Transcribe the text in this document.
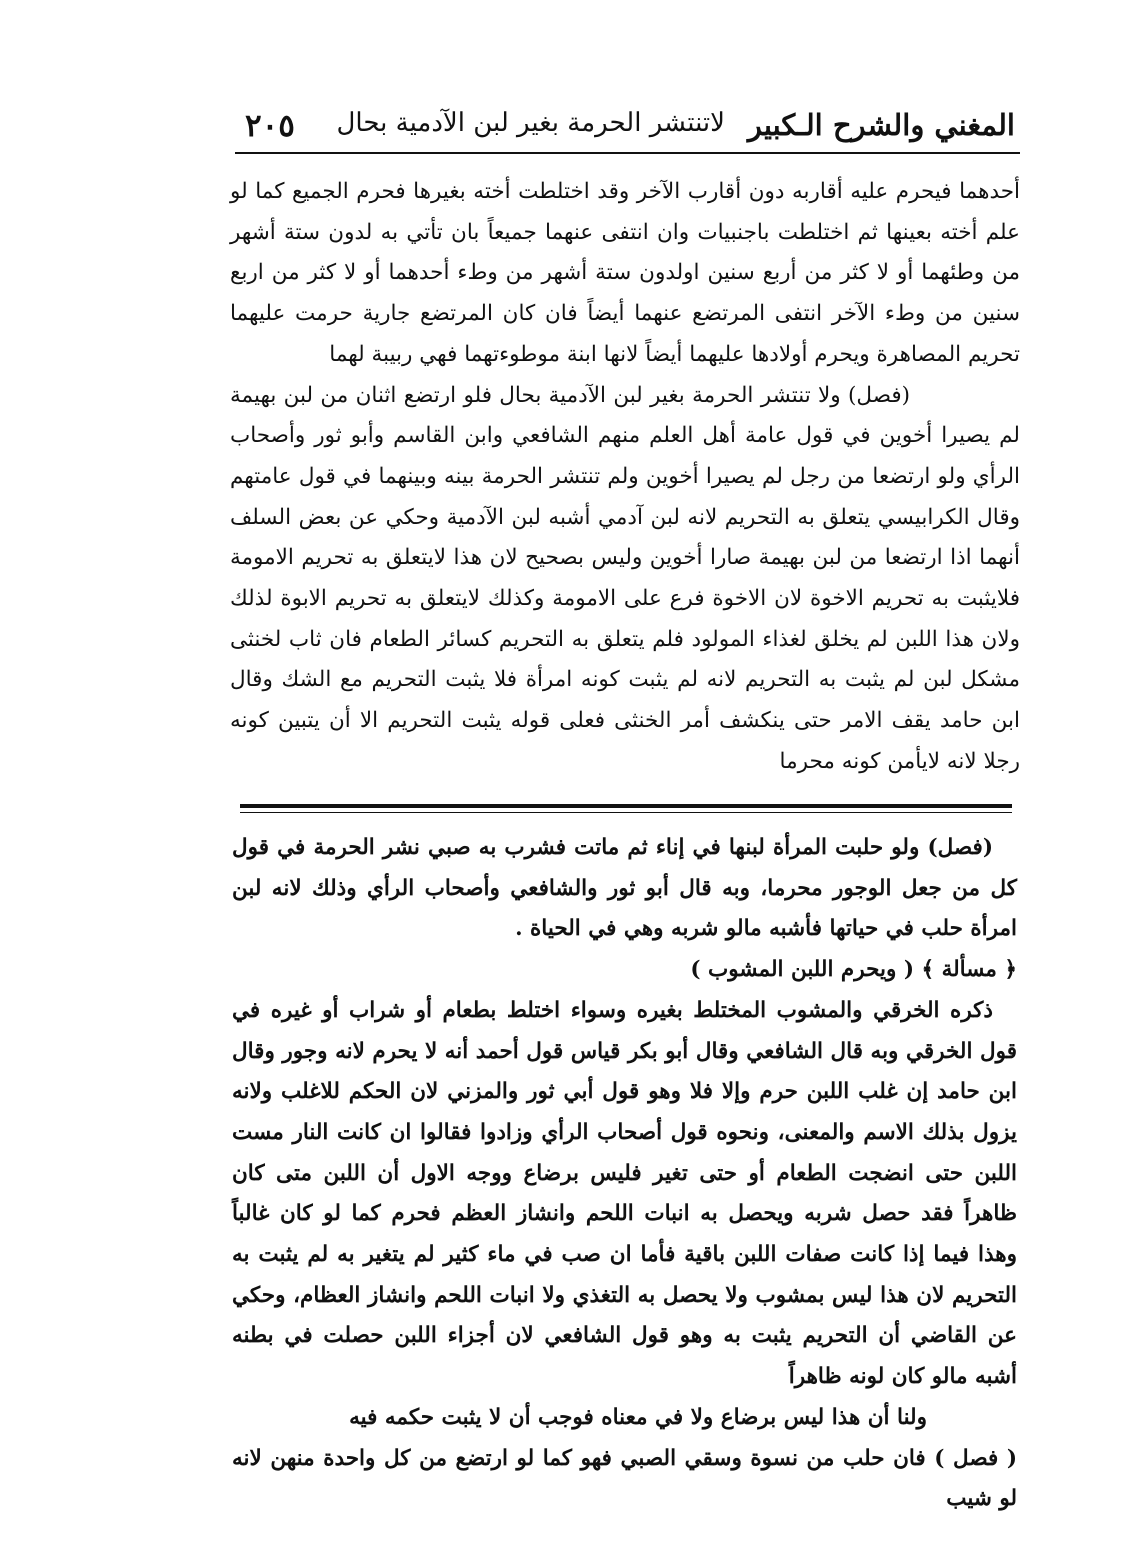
المغني والشرح الـكبير
لاتنتشر الحرمة بغير لبن الآدمية بحال
٢٠٥

أحدهما فيحرم عليه أقاربه دون أقارب الآخر وقد اختلطت أخته بغيرها فحرم الجميع كما لو علم أخته بعينها ثم اختلطت باجنبيات وان انتفى عنهما جميعاً بان تأتي به لدون ستة أشهر من وطئهما أو لا كثر من أربع سنين اولدون ستة أشهر من وطء أحدهما أو لا كثر من اربع سنين من وطء الآخر انتفى المرتضع عنهما أيضاً فان كان المرتضع جارية حرمت عليهما تحريم المصاهرة ويحرم أولادها عليهما أيضاً لانها ابنة موطوءتهما فهي ربيبة لهما

(فصل) ولا تنتشر الحرمة بغير لبن الآدمية بحال فلو ارتضع اثنان من لبن بهيمة لم يصيرا أخوين في قول عامة أهل العلم منهم الشافعي وابن القاسم وأبو ثور وأصحاب الرأي ولو ارتضعا من رجل لم يصيرا أخوين ولم تنتشر الحرمة بينه وبينهما في قول عامتهم وقال الكرابيسي يتعلق به التحريم لانه لبن آدمي أشبه لبن الآدمية وحكي عن بعض السلف أنهما اذا ارتضعا من لبن بهيمة صارا أخوين وليس بصحيح لان هذا لايتعلق به تحريم الامومة فلايثبت به تحريم الاخوة لان الاخوة فرع على الامومة وكذلك لايتعلق به تحريم الابوة لذلك ولان هذا اللبن لم يخلق لغذاء المولود فلم يتعلق به التحريم كسائر الطعام فان ثاب لخنثى مشكل لبن لم يثبت به التحريم لانه لم يثبت كونه امرأة فلا يثبت التحريم مع الشك وقال ابن حامد يقف الامر حتى ينكشف أمر الخنثى فعلى قوله يثبت التحريم الا أن يتبين كونه رجلا لانه لايأمن كونه محرما

(فصل) ولو حلبت المرأة لبنها في إناء ثم ماتت فشرب به صبي نشر الحرمة في قول كل من جعل الوجور محرما، وبه قال أبو ثور والشافعي وأصحاب الرأي وذلك لانه لبن امرأة حلب في حياتها فأشبه مالو شربه وهي في الحياة .

﴿ مسألة ﴾ ( ويحرم اللبن المشوب )

ذكره الخرقي والمشوب المختلط بغيره وسواء اختلط بطعام أو شراب أو غيره في قول الخرقي وبه قال الشافعي وقال أبو بكر قياس قول أحمد أنه لا يحرم لانه وجور وقال ابن حامد إن غلب اللبن حرم وإلا فلا وهو قول أبي ثور والمزني لان الحكم للاغلب ولانه يزول بذلك الاسم والمعنى، ونحوه قول أصحاب الرأي وزادوا فقالوا ان كانت النار مست اللبن حتى انضجت الطعام أو حتى تغير فليس برضاع ووجه الاول أن اللبن متى كان ظاهراً فقد حصل شربه ويحصل به انبات اللحم وانشاز العظم فحرم كما لو كان غالباً وهذا فيما إذا كانت صفات اللبن باقية فأما ان صب في ماء كثير لم يتغير به لم يثبت به التحريم لان هذا ليس بمشوب ولا يحصل به التغذي ولا انبات اللحم وانشاز العظام، وحكي عن القاضي أن التحريم يثبت به وهو قول الشافعي لان أجزاء اللبن حصلت في بطنه أشبه مالو كان لونه ظاهراً

ولنا أن هذا ليس برضاع ولا في معناه فوجب أن لا يثبت حكمه فيه

( فصل ) فان حلب من نسوة وسقي الصبي فهو كما لو ارتضع من كل واحدة منهن لانه لو شيب
